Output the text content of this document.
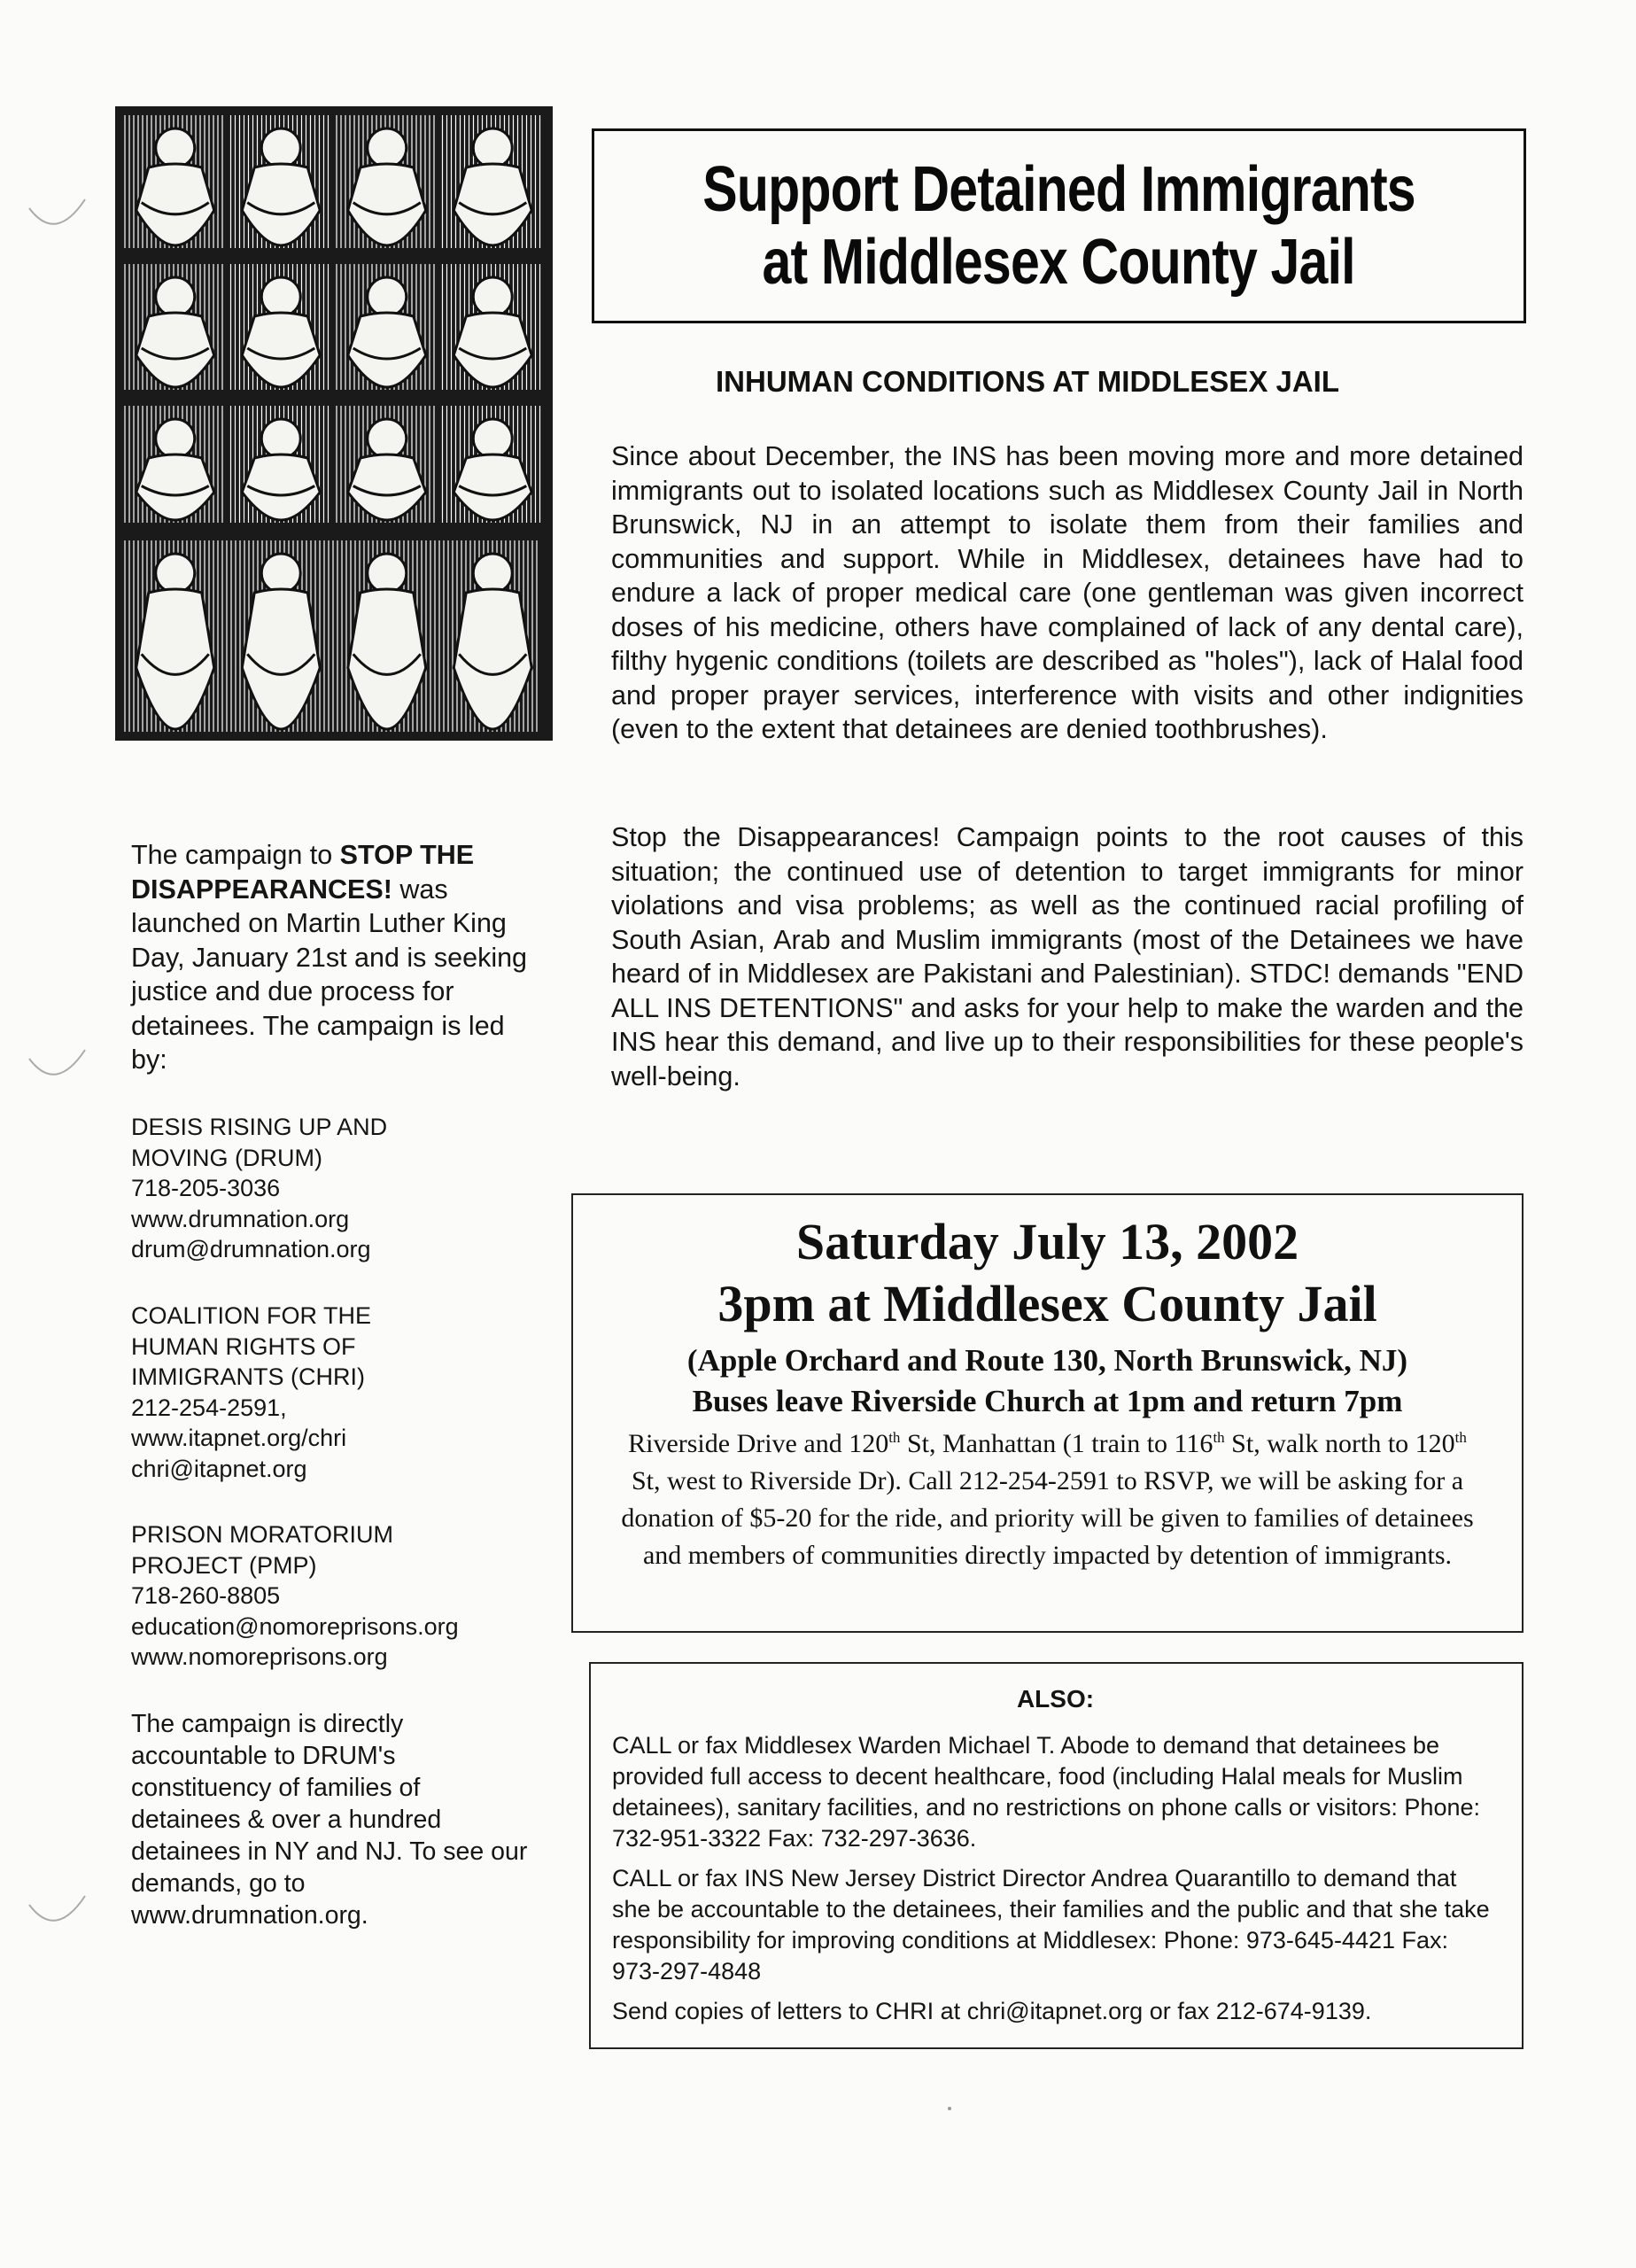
Support Detained Immigrants
at Middlesex County Jail
INHUMAN CONDITIONS AT MIDDLESEX JAIL
Since about December, the INS has been moving more and more detained immigrants out to isolated locations such as Middlesex County Jail in North Brunswick, NJ in an attempt to isolate them from their families and communities and support. While in Middlesex, detainees have had to endure a lack of proper medical care (one gentleman was given incorrect doses of his medicine, others have complained of lack of any dental care), filthy hygenic conditions (toilets are described as "holes"), lack of Halal food and proper prayer services, interference with visits and other indignities (even to the extent that detainees are denied toothbrushes).
Stop the Disappearances! Campaign points to the root causes of this situation; the continued use of detention to target immigrants for minor violations and visa problems; as well as the continued racial profiling of South Asian, Arab and Muslim immigrants (most of the Detainees we have heard of in Middlesex are Pakistani and Palestinian). STDC! demands "END ALL INS DETENTIONS" and asks for your help to make the warden and the INS hear this demand, and live up to their responsibilities for these people's well-being.
The campaign to STOP THE DISAPPEARANCES! was launched on Martin Luther King Day, January 21st and is seeking justice and due process for detainees. The campaign is led by:
DESIS RISING UP AND MOVING (DRUM)
718-205-3036
www.drumnation.org
drum@drumnation.org
COALITION FOR THE HUMAN RIGHTS OF IMMIGRANTS (CHRI)
212-254-2591,
www.itapnet.org/chri
chri@itapnet.org
PRISON MORATORIUM PROJECT (PMP)
718-260-8805
education@nomoreprisons.org
www.nomoreprisons.org
The campaign is directly accountable to DRUM's constituency of families of detainees & over a hundred detainees in NY and NJ. To see our demands, go to www.drumnation.org.
Saturday July 13, 2002
3pm at Middlesex County Jail
(Apple Orchard and Route 130, North Brunswick, NJ)
Buses leave Riverside Church at 1pm and return 7pm
Riverside Drive and 120th St, Manhattan (1 train to 116th St, walk north to 120th St, west to Riverside Dr). Call 212-254-2591 to RSVP, we will be asking for a donation of $5-20 for the ride, and priority will be given to families of detainees and members of communities directly impacted by detention of immigrants.
ALSO:
CALL or fax Middlesex Warden Michael T. Abode to demand that detainees be provided full access to decent healthcare, food (including Halal meals for Muslim detainees), sanitary facilities, and no restrictions on phone calls or visitors: Phone: 732-951-3322 Fax: 732-297-3636.
CALL or fax INS New Jersey District Director Andrea Quarantillo to demand that she be accountable to the detainees, their families and the public and that she take responsibility for improving conditions at Middlesex: Phone: 973-645-4421 Fax: 973-297-4848
Send copies of letters to CHRI at chri@itapnet.org or fax 212-674-9139.
